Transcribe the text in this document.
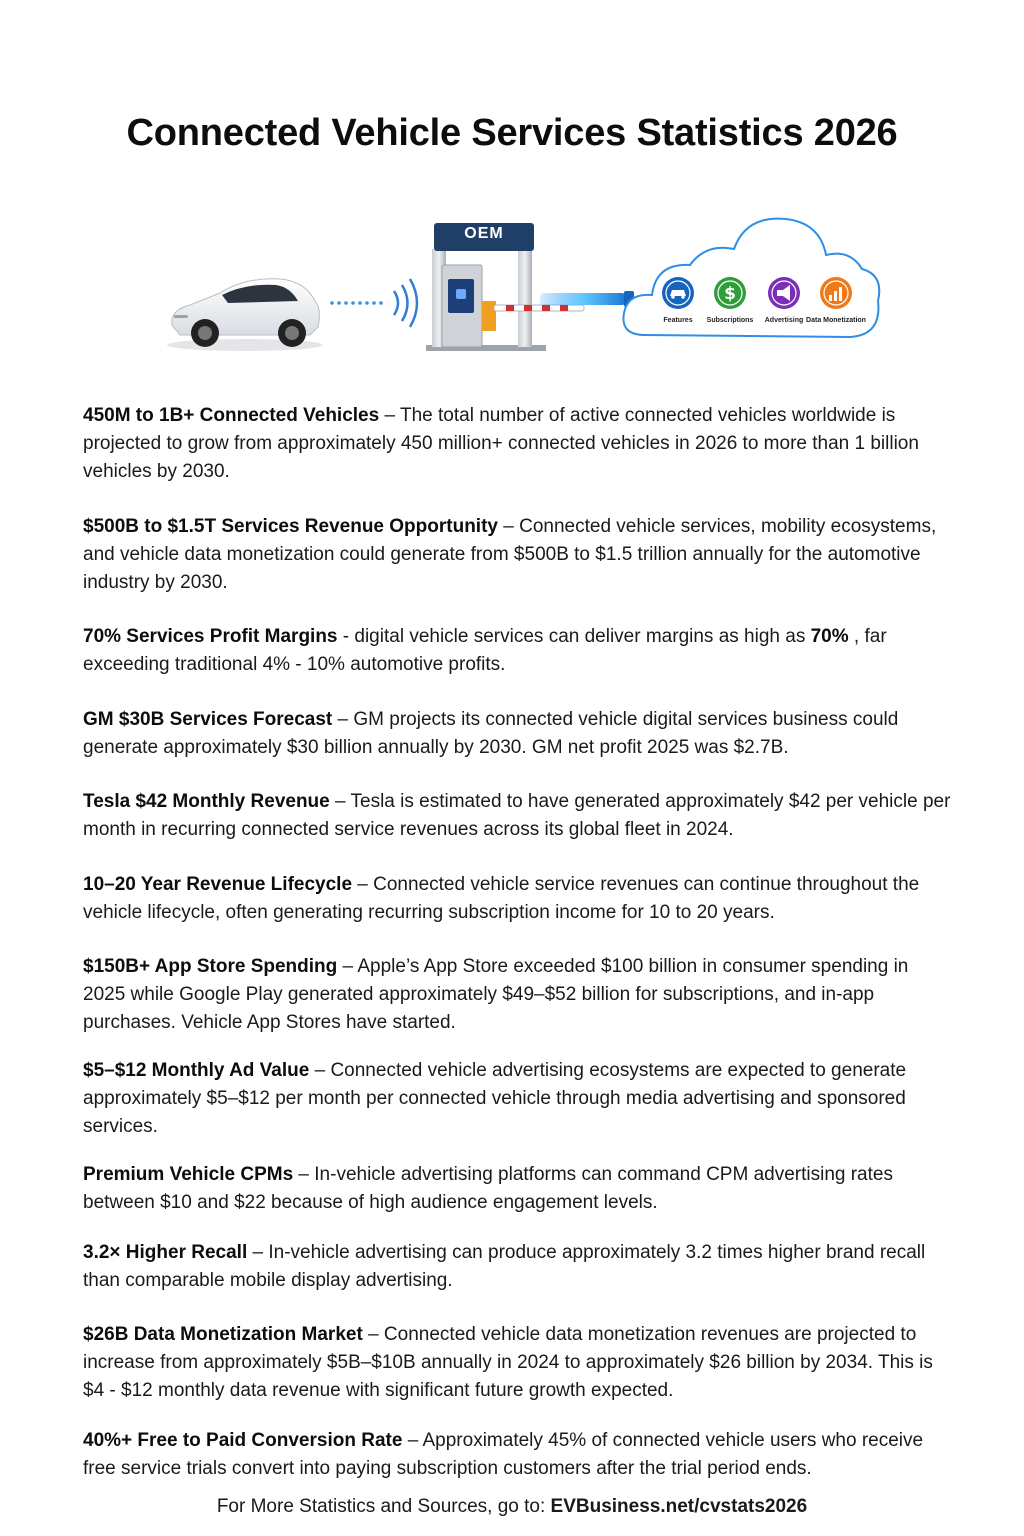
Connected Vehicle Services Statistics 2026
$
OEM
Features	Subscriptions	Advertising Data Monetization

450M to 1B+ Connected Vehicles – The total number of active connected vehicles worldwide is projected to grow from approximately 450 million+ connected vehicles in 2026 to more than 1 billion vehicles by 2030.

$500B to $1.5T Services Revenue Opportunity – Connected vehicle services, mobility ecosystems, and vehicle data monetization could generate from $500B to $1.5 trillion annually for the automotive industry by 2030.

70% Services Profit Margins - digital vehicle services can deliver margins as high as 70% , far exceeding traditional 4% - 10% automotive profits.

GM $30B Services Forecast – GM projects its connected vehicle digital services business could generate approximately $30 billion annually by 2030. GM net profit 2025 was $2.7B.

Tesla $42 Monthly Revenue – Tesla is estimated to have generated approximately $42 per vehicle per month in recurring connected service revenues across its global fleet in 2024.

10–20 Year Revenue Lifecycle – Connected vehicle service revenues can continue throughout the vehicle lifecycle, often generating recurring subscription income for 10 to 20 years.

$150B+ App Store Spending – Apple’s App Store exceeded $100 billion in consumer spending in 2025 while Google Play generated approximately $49–$52 billion for subscriptions, and in-app purchases. Vehicle App Stores have started.

$5–$12 Monthly Ad Value – Connected vehicle advertising ecosystems are expected to generate approximately $5–$12 per month per connected vehicle through media advertising and sponsored services.

Premium Vehicle CPMs – In-vehicle advertising platforms can command CPM advertising rates between $10 and $22 because of high audience engagement levels.

3.2× Higher Recall – In-vehicle advertising can produce approximately 3.2 times higher brand recall than comparable mobile display advertising.

$26B Data Monetization Market – Connected vehicle data monetization revenues are projected to increase from approximately $5B–$10B annually in 2024 to approximately $26 billion by 2034. This is $4 - $12 monthly data revenue with significant future growth expected.

40%+ Free to Paid Conversion Rate – Approximately 45% of connected vehicle users who receive free service trials convert into paying subscription customers after the trial period ends.

For More Statistics and Sources, go to: EVBusiness.net/cvstats2026
